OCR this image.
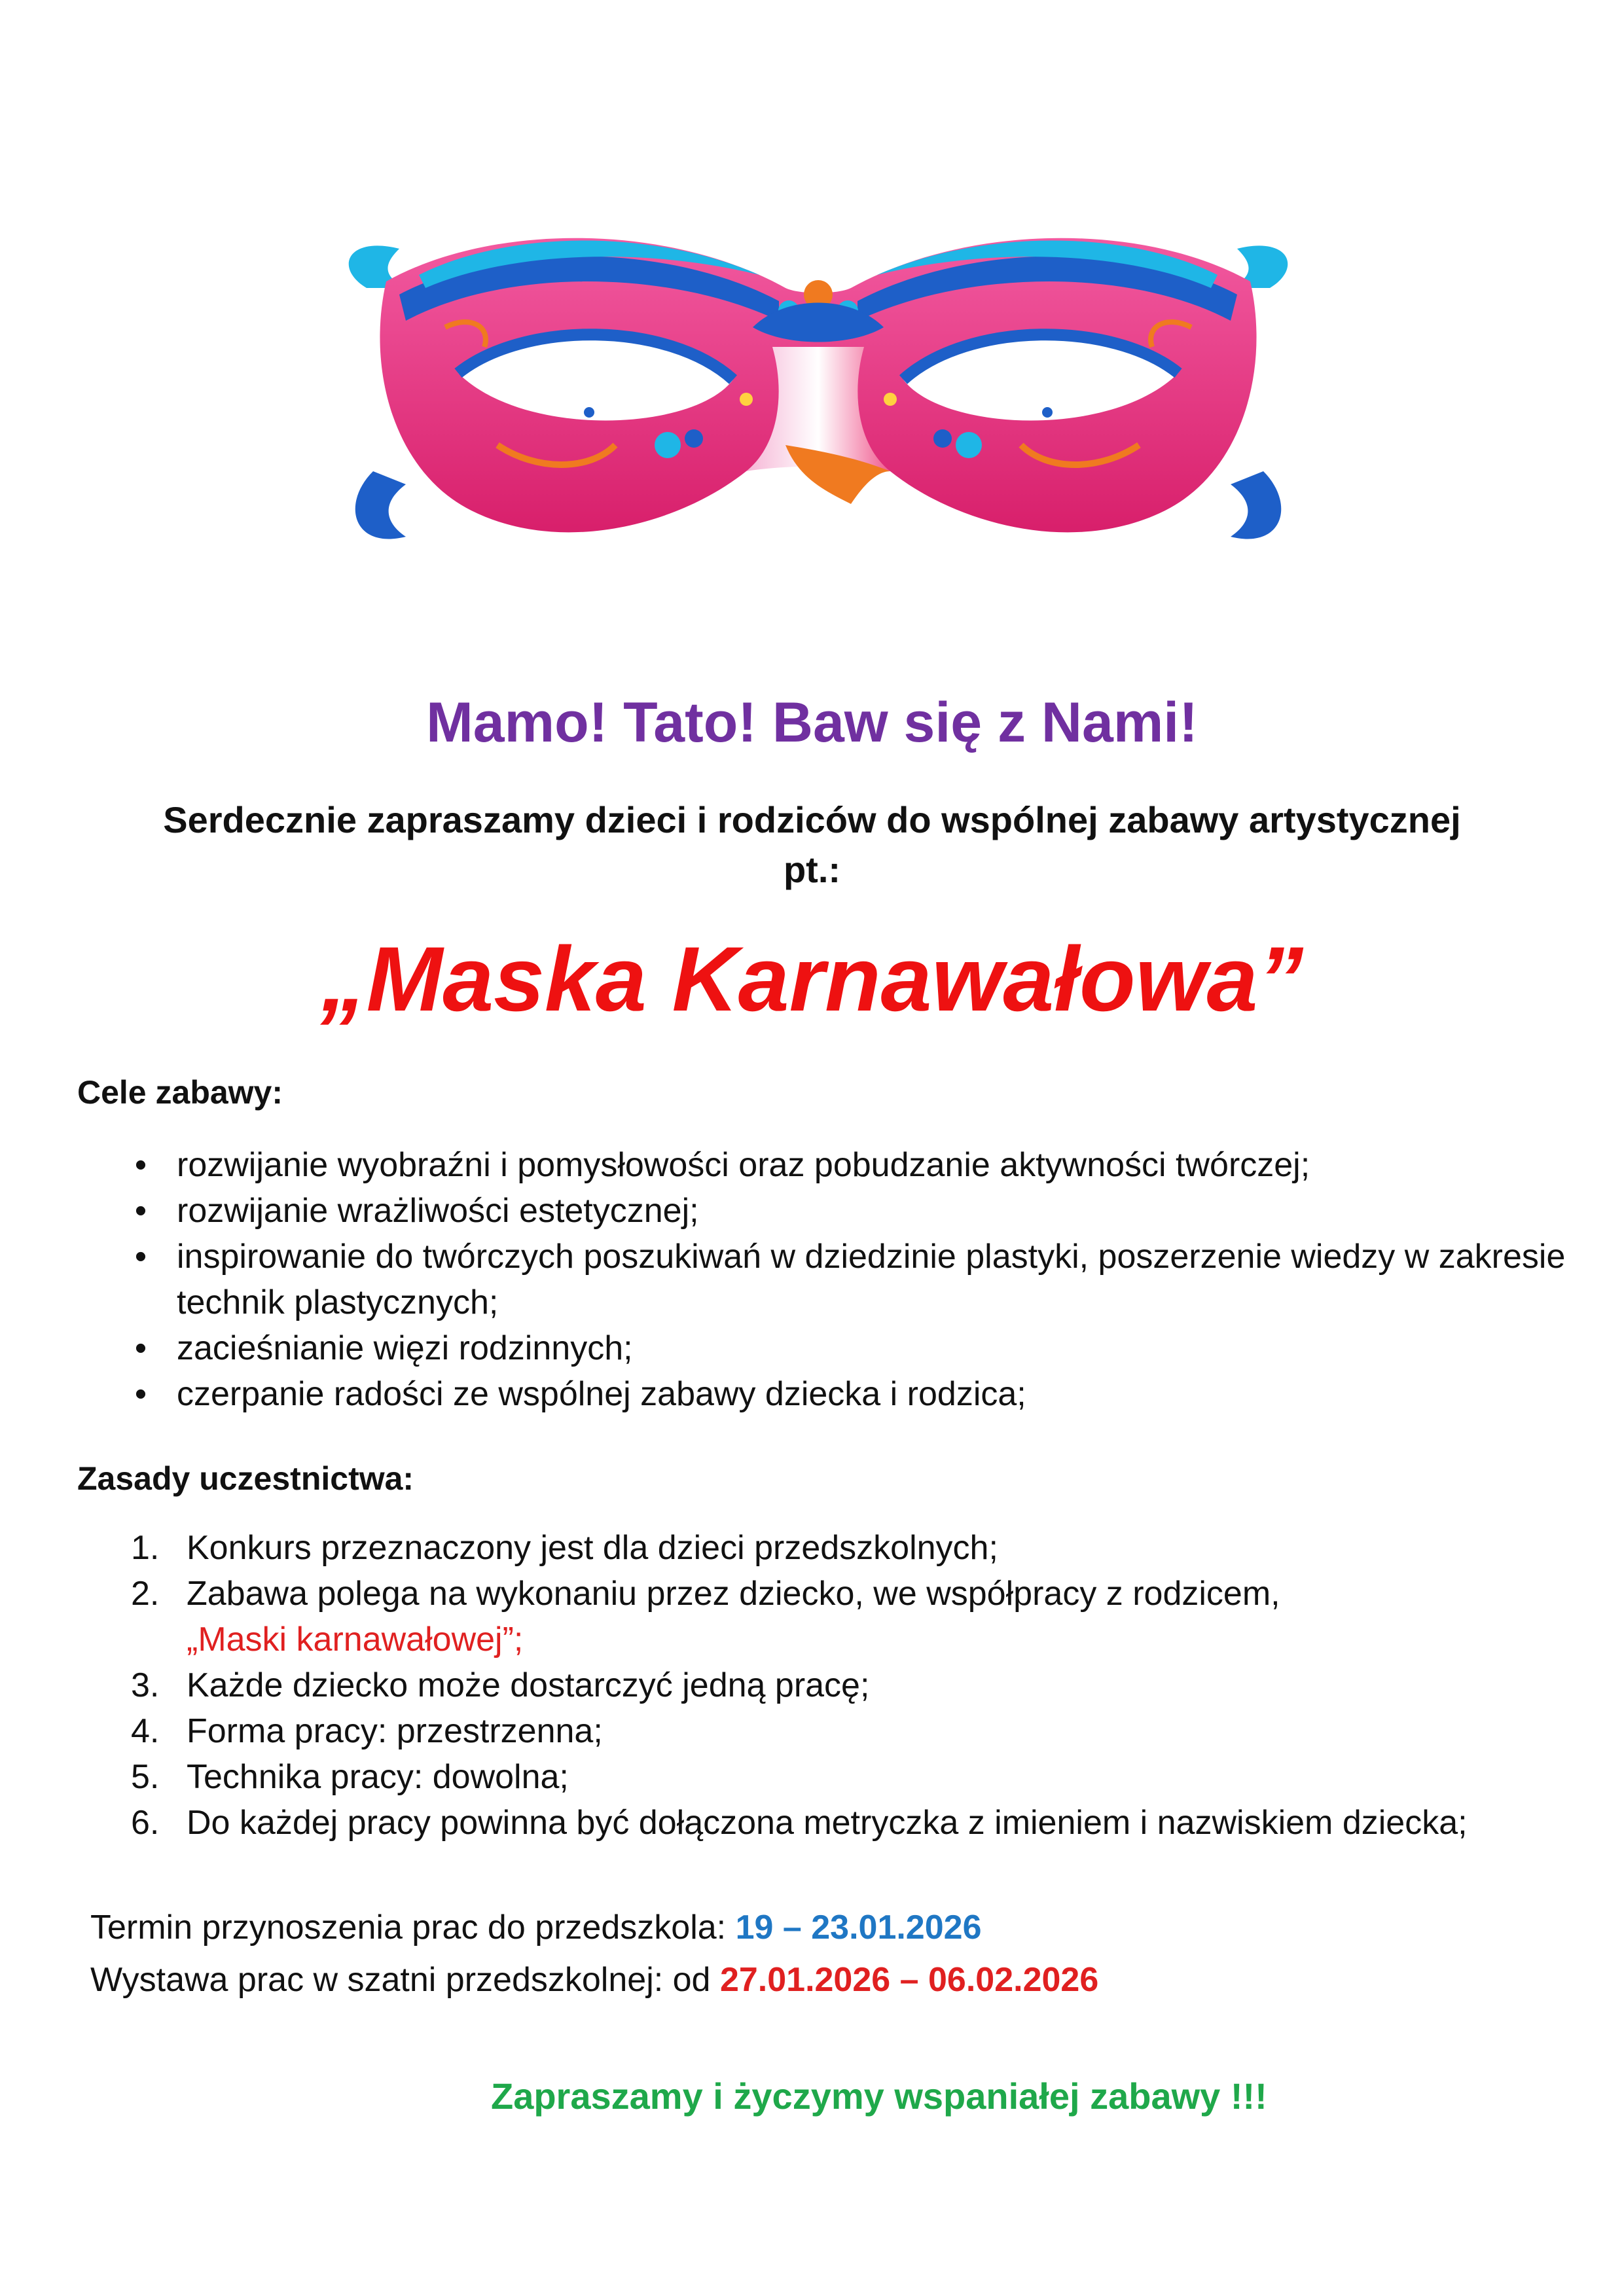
Mamo! Tato! Baw się z Nami!

Serdecznie zapraszamy dzieci i rodziców do wspólnej zabawy artystycznej pt.:

„Maska Karnawałowa”
Cele zabawy:
• rozwijanie wyobraźni i pomysłowości oraz pobudzanie aktywności twórczej;
• rozwijanie wrażliwości estetycznej;
• inspirowanie do twórczych poszukiwań w dziedzinie plastyki, poszerzenie wiedzy w zakresie technik plastycznych;
• zacieśnianie więzi rodzinnych;
• czerpanie radości ze wspólnej zabawy dziecka i rodzica;
Zasady uczestnictwa:
1. Konkurs przeznaczony jest dla dzieci przedszkolnych;
2. Zabawa polega na wykonaniu przez dziecko, we współpracy z rodzicem,
„Maski karnawałowej”;
3. Każde dziecko może dostarczyć jedną pracę;
4. Forma pracy: przestrzenna;
5. Technika pracy: dowolna;
6. Do każdej pracy powinna być dołączona metryczka z imieniem i nazwiskiem dziecka;

Termin przynoszenia prac do przedszkola: 19 – 23.01.2026

Wystawa prac w szatni przedszkolnej: od 27.01.2026 – 06.02.2026

Zapraszamy i życzymy wspaniałej zabawy !!!
